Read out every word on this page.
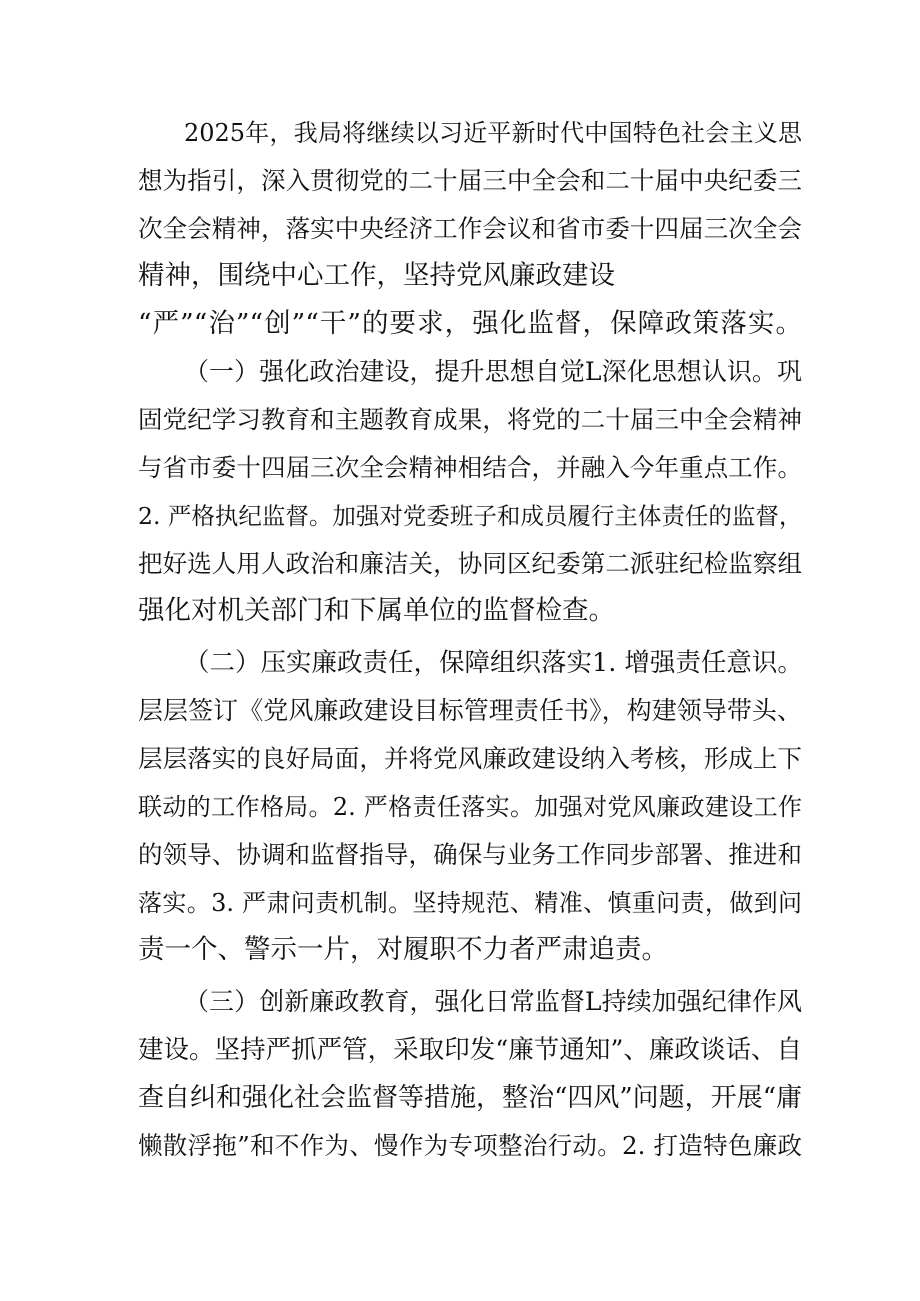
2025年，我局将继续以习近平新时代中国特色社会主义思
想为指引，深入贯彻党的二十届三中全会和二十届中央纪委三
次全会精神，落实中央经济工作会议和省市委十四届三次全会
精神，围绕中心工作，坚持党风廉政建设
“严”“治”“创”“干”的要求，强化监督，保障政策落实。
（一）强化政治建设，提升思想自觉L深化思想认识。巩
固党纪学习教育和主题教育成果，将党的二十届三中全会精神
与省市委十四届三次全会精神相结合，并融入今年重点工作。
2. 严格执纪监督。加强对党委班子和成员履行主体责任的监督，
把好选人用人政治和廉洁关，协同区纪委第二派驻纪检监察组
强化对机关部门和下属单位的监督检查。
（二）压实廉政责任，保障组织落实1. 增强责任意识。
层层签订《党风廉政建设目标管理责任书》，构建领导带头、
层层落实的良好局面，并将党风廉政建设纳入考核，形成上下
联动的工作格局。2. 严格责任落实。加强对党风廉政建设工作
的领导、协调和监督指导，确保与业务工作同步部署、推进和
落实。3. 严肃问责机制。坚持规范、精准、慎重问责，做到问
责一个、警示一片，对履职不力者严肃追责。
（三）创新廉政教育，强化日常监督L持续加强纪律作风
建设。坚持严抓严管，采取印发“廉节通知”、廉政谈话、自
查自纠和强化社会监督等措施，整治“四风”问题，开展“庸
懒散浮拖”和不作为、慢作为专项整治行动。2. 打造特色廉政
